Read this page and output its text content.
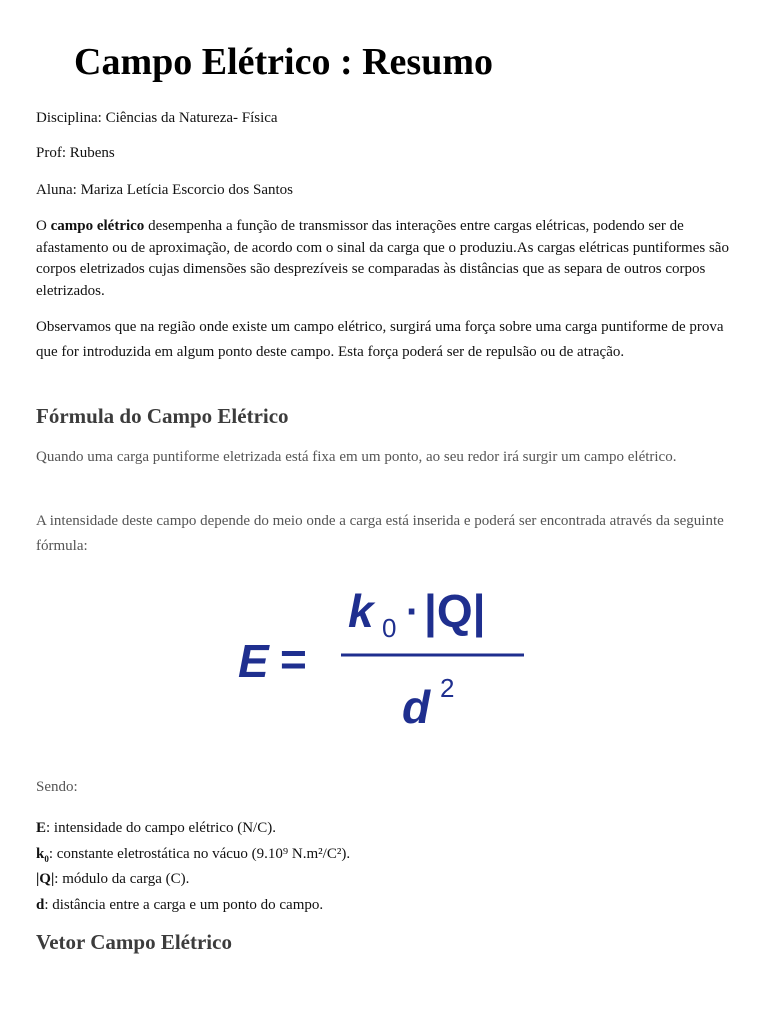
Campo Elétrico : Resumo

Disciplina: Ciências da Natureza- Física

Prof: Rubens

Aluna: Mariza Letícia Escorcio dos Santos

O campo elétrico desempenha a função de transmissor das interações entre cargas elétricas, podendo ser de afastamento ou de aproximação, de acordo com o sinal da carga que o produziu.As cargas elétricas puntiformes são corpos eletrizados cujas dimensões são desprezíveis se comparadas às distâncias que as separa de outros corpos eletrizados.

Observamos que na região onde existe um campo elétrico, surgirá uma força sobre uma carga puntiforme de prova que for introduzida em algum ponto deste campo. Esta força poderá ser de repulsão ou de atração.

Fórmula do Campo Elétrico

Quando uma carga puntiforme eletrizada está fixa em um ponto, ao seu redor irá surgir um campo elétrico.

A intensidade deste campo depende do meio onde a carga está inserida e poderá ser encontrada através da seguinte fórmula:

E =
k 0 · |Q|
d 2

Sendo:

E: intensidade do campo elétrico (N/C).
$k_0$: constante eletrostática no vácuo (9.10⁹ N.m²/C²).
|Q|: módulo da carga (C).
d: distância entre a carga e um ponto do campo.
Vetor Campo Elétrico
